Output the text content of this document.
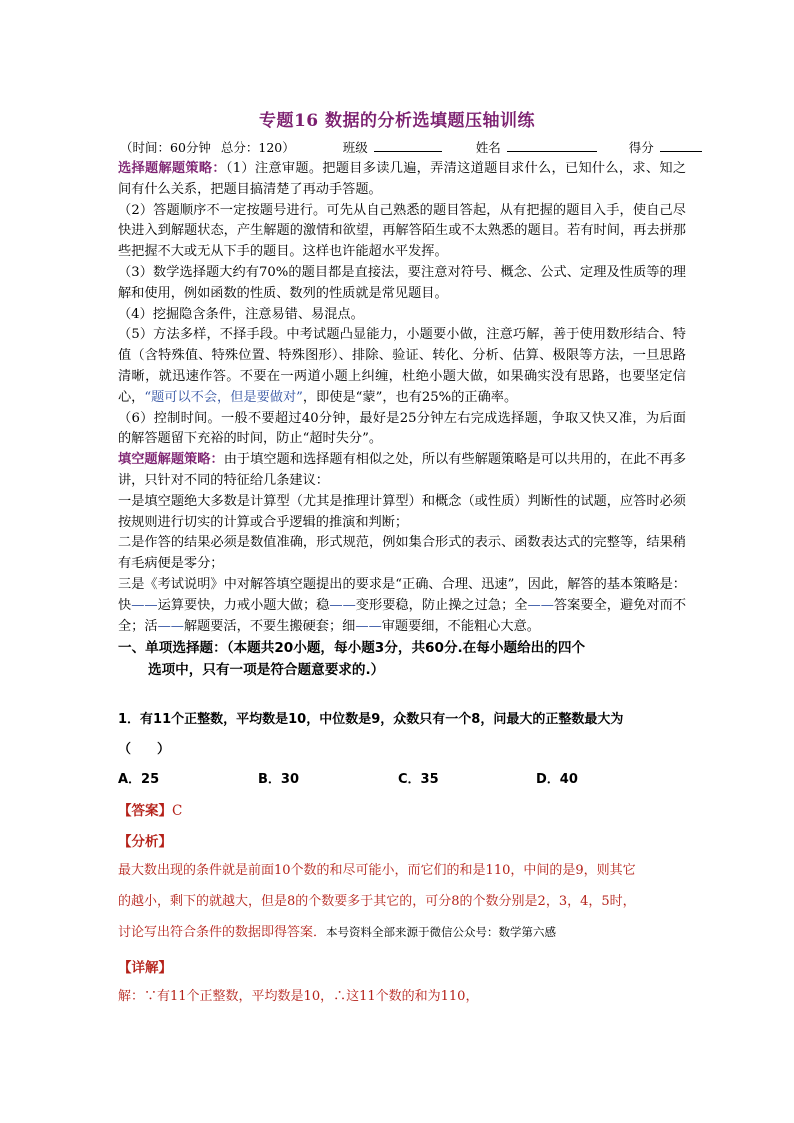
专题16 数据的分析选填题压轴训练
（时间：60分钟 总分：120）	班级	姓名	得分

选择题解题策略：（1）注意审题。把题目多读几遍，弄清这道题目求什么，已知什么，求、知之间有什么关系，把题目搞清楚了再动手答题。

（2）答题顺序不一定按题号进行。可先从自己熟悉的题目答起，从有把握的题目入手，使自己尽快进入到解题状态，产生解题的激情和欲望，再解答陌生或不太熟悉的题目。若有时间，再去拼那些把握不大或无从下手的题目。这样也许能超水平发挥。

（3）数学选择题大约有70%的题目都是直接法，要注意对符号、概念、公式、定理及性质等的理解和使用，例如函数的性质、数列的性质就是常见题目。

（4）挖掘隐含条件，注意易错、易混点。

（5）方法多样，不择手段。中考试题凸显能力，小题要小做，注意巧解，善于使用数形结合、特值（含特殊值、特殊位置、特殊图形）、排除、验证、转化、分析、估算、极限等方法，一旦思路清晰，就迅速作答。不要在一两道小题上纠缠，杜绝小题大做，如果确实没有思路，也要坚定信心，“题可以不会，但是要做对”，即使是“蒙”，也有25%的正确率。

（6）控制时间。一般不要超过40分钟，最好是25分钟左右完成选择题，争取又快又准，为后面的解答题留下充裕的时间，防止“超时失分”。

填空题解题策略：由于填空题和选择题有相似之处，所以有些解题策略是可以共用的，在此不再多讲，只针对不同的特征给几条建议：

一是填空题绝大多数是计算型（尤其是推理计算型）和概念（或性质）判断性的试题，应答时必须按规则进行切实的计算或合乎逻辑的推演和判断；

二是作答的结果必须是数值准确，形式规范，例如集合形式的表示、函数表达式的完整等，结果稍有毛病便是零分；

三是《考试说明》中对解答填空题提出的要求是“正确、合理、迅速”，因此，解答的基本策略是：快——运算要快，力戒小题大做；稳——变形要稳，防止操之过急；全——答案要全，避免对而不全；活——解题要活，不要生搬硬套；细——审题要细，不能粗心大意。

一、单项选择题：（本题共20小题，每小题3分，共60分.在每小题给出的四个

选项中，只有一项是符合题意要求的.）

1．有11个正整数，平均数是10，中位数是9，众数只有一个8，问最大的正整数最大为
（　　）
A．25	B．30	C．35	D．40
【答案】C
【分析】
最大数出现的条件就是前面10个数的和尽可能小，而它们的和是110，中间的是9，则其它
的越小，剩下的就越大，但是8的个数要多于其它的，可分8的个数分别是2，3，4，5时，
讨论写出符合条件的数据即得答案．本号资料全部来源于微信公众号：数学第六感
【详解】
解：∵有11个正整数，平均数是10，∴这11个数的和为110，
